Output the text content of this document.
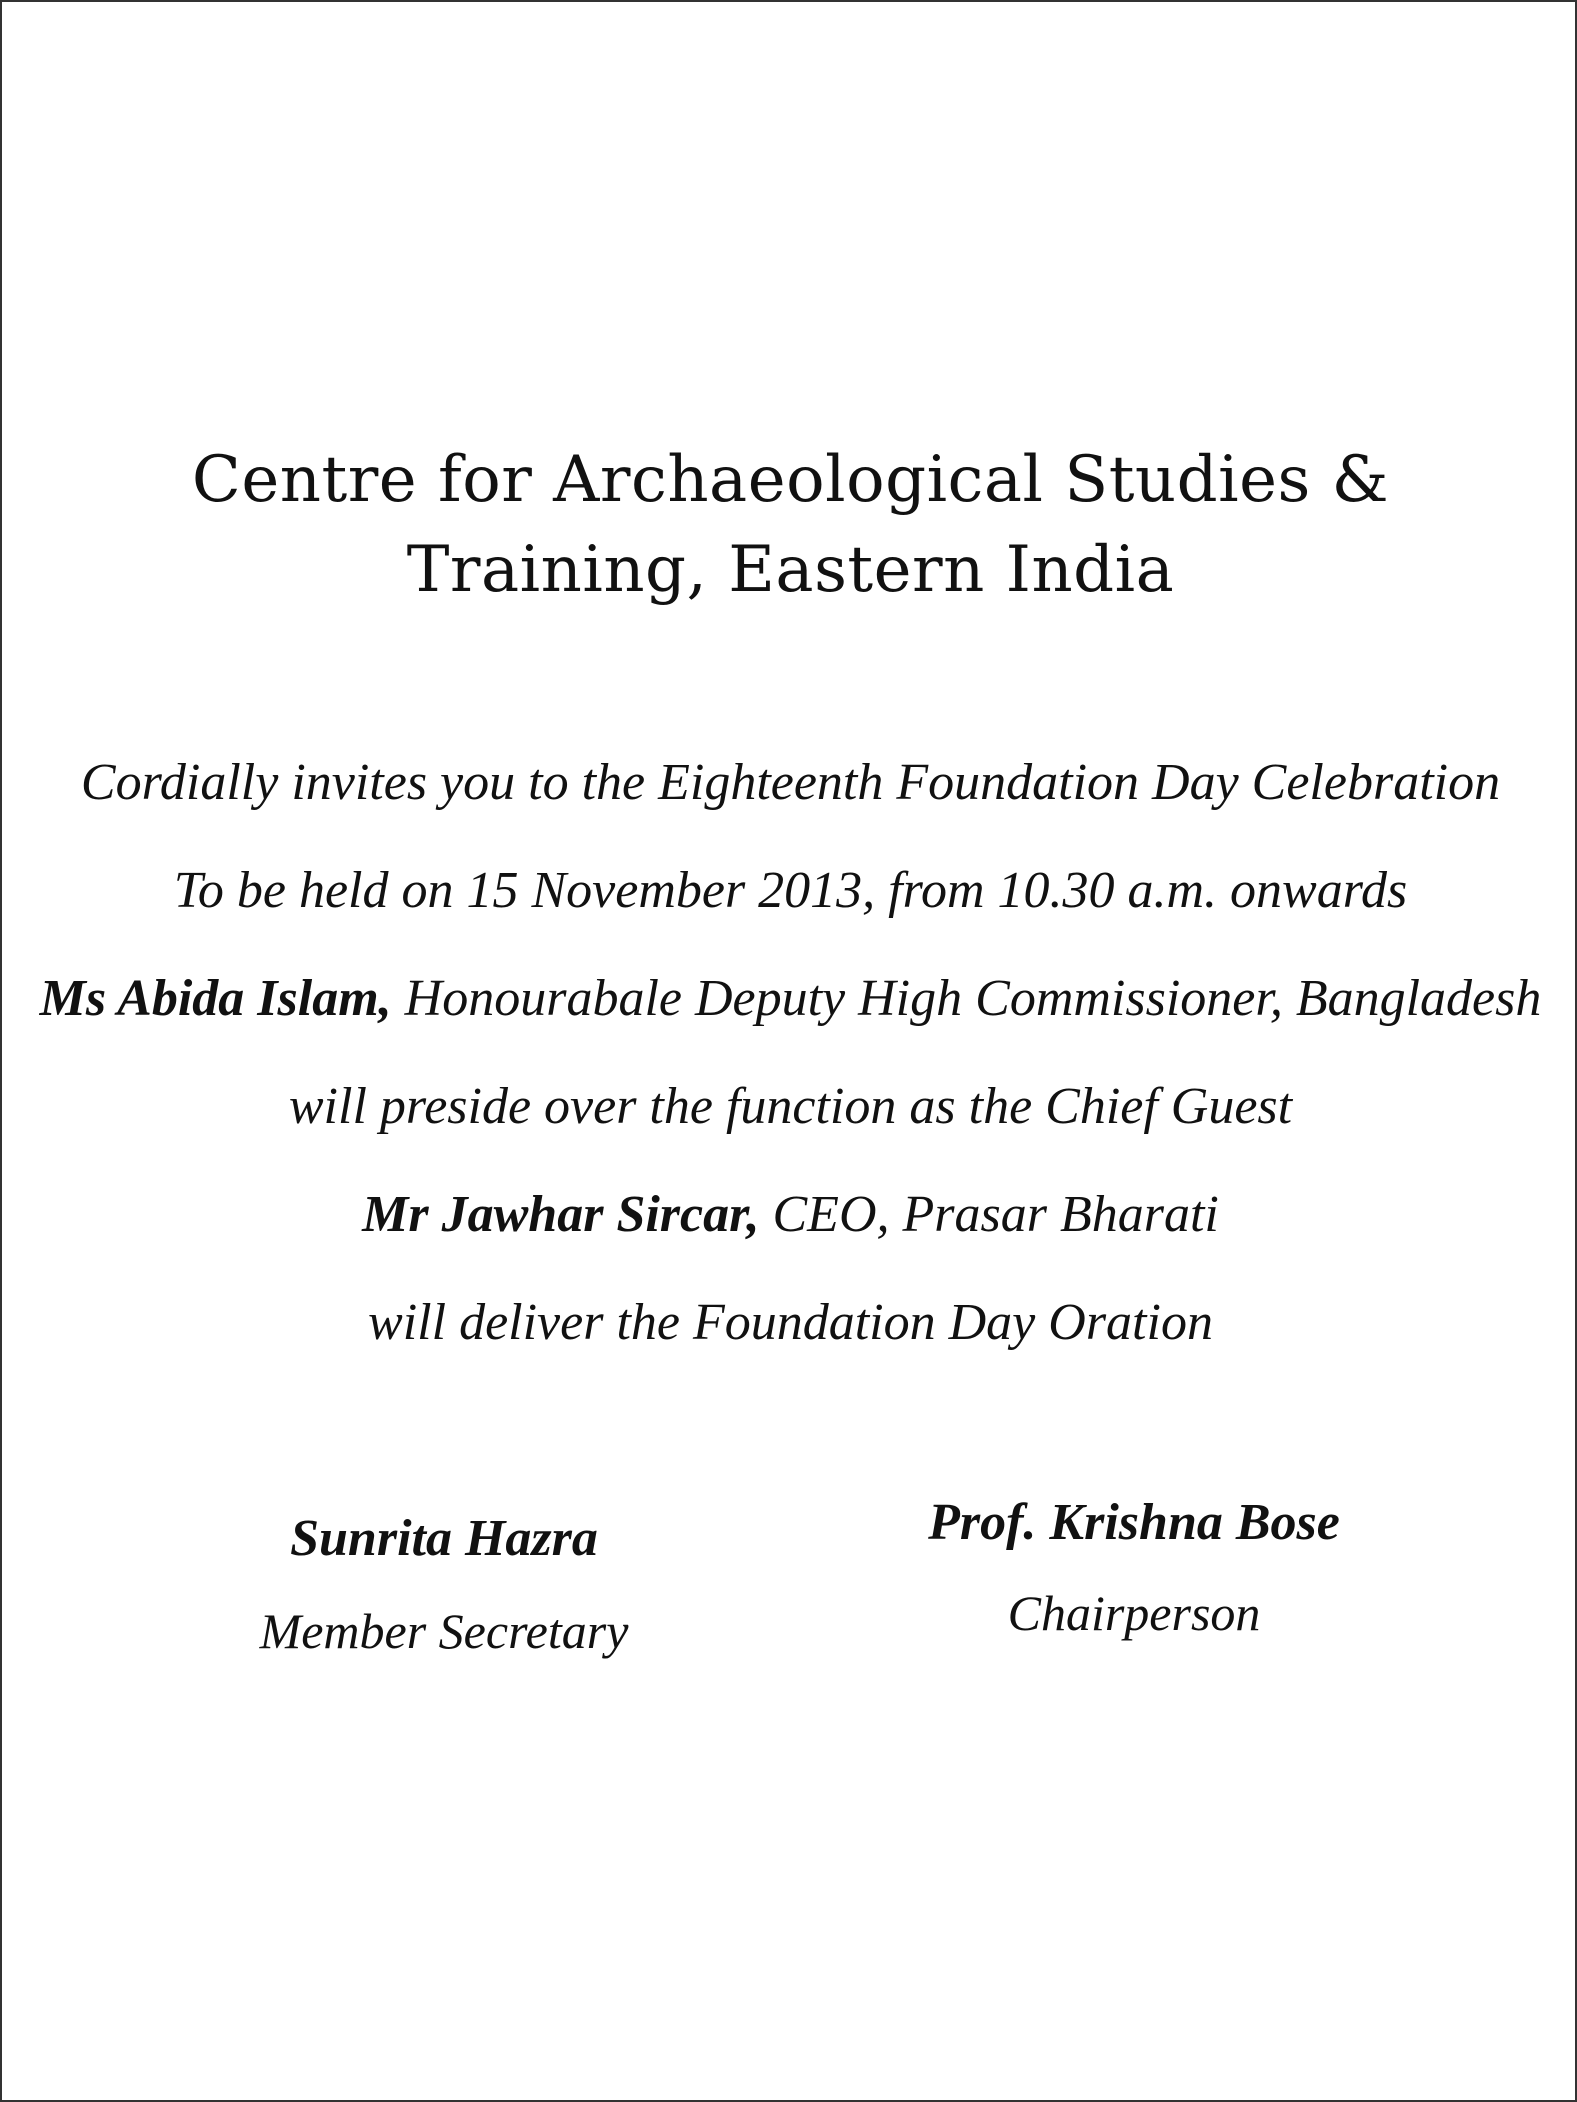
Centre for Archaeological Studies &
Training, Eastern India
Cordially invites you to the Eighteenth Foundation Day Celebration
To be held on 15 November 2013, from 10.30 a.m. onwards
Ms Abida Islam, Honourabale Deputy High Commissioner, Bangladesh
will preside over the function as the Chief Guest
Mr Jawhar Sircar, CEO, Prasar Bharati
will deliver the Foundation Day Oration
Sunrita Hazra
Member Secretary
Prof. Krishna Bose
Chairperson
